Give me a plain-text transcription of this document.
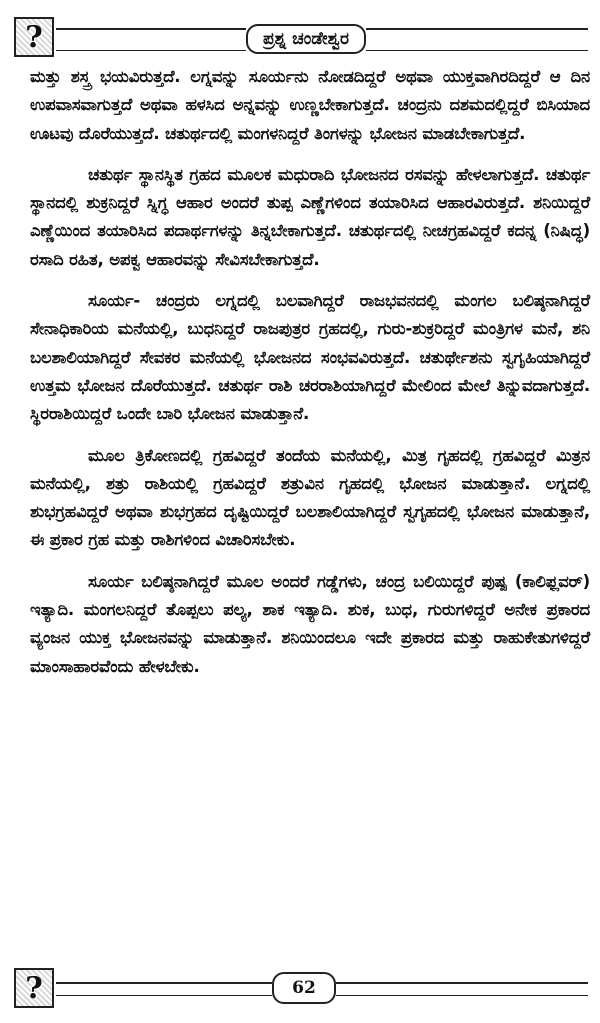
?	ಪ್ರಶ್ನ ಚಂಡೇಶ್ವರ

ಮತ್ತು ಶಸ್ತ್ರ ಭಯವಿರುತ್ತದೆ. ಲಗ್ನವನ್ನು ಸೂರ್ಯನು ನೋಡದಿದ್ದರೆ ಅಥವಾ ಯುಕ್ತವಾಗಿರದಿದ್ದರೆ ಆ ದಿನ ಉಪವಾಸವಾಗುತ್ತದೆ ಅಥವಾ ಹಳಸಿದ ಅನ್ನವನ್ನು ಉಣ್ಣಬೇಕಾಗುತ್ತದೆ. ಚಂದ್ರನು ದಶಮದಲ್ಲಿದ್ದರೆ ಬಿಸಿಯಾದ ಊಟವು ದೊರೆಯುತ್ತದೆ. ಚತುರ್ಥದಲ್ಲಿ ಮಂಗಳನಿದ್ದರೆ ತಿಂಗಳನ್ನು ಭೋಜನ ಮಾಡಬೇಕಾಗುತ್ತದೆ.

ಚತುರ್ಥ ಸ್ಥಾನಸ್ಥಿತ ಗ್ರಹದ ಮೂಲಕ ಮಧುರಾದಿ ಭೋಜನದ ರಸವನ್ನು ಹೇಳಲಾಗುತ್ತದೆ. ಚತುರ್ಥ ಸ್ಥಾನದಲ್ಲಿ ಶುಕ್ರನಿದ್ದರೆ ಸ್ನಿಗ್ಧ ಆಹಾರ ಅಂದರೆ ತುಪ್ಪ ಎಣ್ಣೆಗಳಿಂದ ತಯಾರಿಸಿದ ಆಹಾರವಿರುತ್ತದೆ. ಶನಿಯಿದ್ದರೆ ಎಣ್ಣೆಯಿಂದ ತಯಾರಿಸಿದ ಪದಾರ್ಥಗಳನ್ನು ತಿನ್ನಬೇಕಾಗುತ್ತದೆ. ಚತುರ್ಥದಲ್ಲಿ ನೀಚಗ್ರಹವಿದ್ದರೆ ಕದನ್ನ (ನಿಷಿದ್ಧ) ರಸಾದಿ ರಹಿತ, ಅಪಕ್ವ ಆಹಾರವನ್ನು ಸೇವಿಸಬೇಕಾಗುತ್ತದೆ.

ಸೂರ್ಯ- ಚಂದ್ರರು ಲಗ್ನದಲ್ಲಿ ಬಲವಾಗಿದ್ದರೆ ರಾಜಭವನದಲ್ಲಿ ಮಂಗಲ ಬಲಿಷ್ಠನಾಗಿದ್ದರೆ ಸೇನಾಧಿಕಾರಿಯ ಮನೆಯಲ್ಲಿ, ಬುಧನಿದ್ದರೆ ರಾಜಪುತ್ರರ ಗ್ರಹದಲ್ಲಿ, ಗುರು-ಶುಕ್ರರಿದ್ದರೆ ಮಂತ್ರಿಗಳ ಮನೆ, ಶನಿ ಬಲಶಾಲಿಯಾಗಿದ್ದರೆ ಸೇವಕರ ಮನೆಯಲ್ಲಿ ಭೋಜನದ ಸಂಭವವಿರುತ್ತದೆ. ಚತುರ್ಥೇಶನು ಸ್ವಗೃಹಿಯಾಗಿದ್ದರೆ ಉತ್ತಮ ಭೋಜನ ದೊರೆಯುತ್ತದೆ. ಚತುರ್ಥ ರಾಶಿ ಚರರಾಶಿಯಾಗಿದ್ದರೆ ಮೇಲಿಂದ ಮೇಲೆ ತಿನ್ನುವದಾಗುತ್ತದೆ. ಸ್ಥಿರರಾಶಿಯಿದ್ದರೆ ಒಂದೇ ಬಾರಿ ಭೋಜನ ಮಾಡುತ್ತಾನೆ.

ಮೂಲ ತ್ರಿಕೋಣದಲ್ಲಿ ಗ್ರಹವಿದ್ದರೆ ತಂದೆಯ ಮನೆಯಲ್ಲಿ, ಮಿತ್ರ ಗೃಹದಲ್ಲಿ ಗ್ರಹವಿದ್ದರೆ ಮಿತ್ರನ ಮನೆಯಲ್ಲಿ, ಶತ್ರು ರಾಶಿಯಲ್ಲಿ ಗ್ರಹವಿದ್ದರೆ ಶತ್ರುವಿನ ಗೃಹದಲ್ಲಿ ಭೋಜನ ಮಾಡುತ್ತಾನೆ. ಲಗ್ನದಲ್ಲಿ ಶುಭಗ್ರಹವಿದ್ದರೆ ಅಥವಾ ಶುಭಗ್ರಹದ ದೃಷ್ಟಿಯಿದ್ದರೆ ಬಲಶಾಲಿಯಾಗಿದ್ದರೆ ಸ್ವಗೃಹದಲ್ಲಿ ಭೋಜನ ಮಾಡುತ್ತಾನೆ, ಈ ಪ್ರಕಾರ ಗ್ರಹ ಮತ್ತು ರಾಶಿಗಳಿಂದ ವಿಚಾರಿಸಬೇಕು.

ಸೂರ್ಯ ಬಲಿಷ್ಠನಾಗಿದ್ದರೆ ಮೂಲ ಅಂದರೆ ಗಡ್ಡೆಗಳು, ಚಂದ್ರ ಬಲಿಯಿದ್ದರೆ ಪುಷ್ಪ (ಕಾಲಿಫ್ಲವರ್) ಇತ್ಯಾದಿ. ಮಂಗಲನಿದ್ದರೆ ತೊಪ್ಪಲು ಪಲ್ಯ, ಶಾಕ ಇತ್ಯಾದಿ. ಶುಕ, ಬುಧ, ಗುರುಗಳಿದ್ದರೆ ಅನೇಕ ಪ್ರಕಾರದ ವ್ಯಂಜನ ಯುಕ್ತ ಭೋಜನವನ್ನು ಮಾಡುತ್ತಾನೆ. ಶನಿಯಿಂದಲೂ ಇದೇ ಪ್ರಕಾರದ ಮತ್ತು ರಾಹುಕೇತುಗಳಿದ್ದರೆ ಮಾಂಸಾಹಾರವೆಂದು ಹೇಳಬೇಕು.

?	62
